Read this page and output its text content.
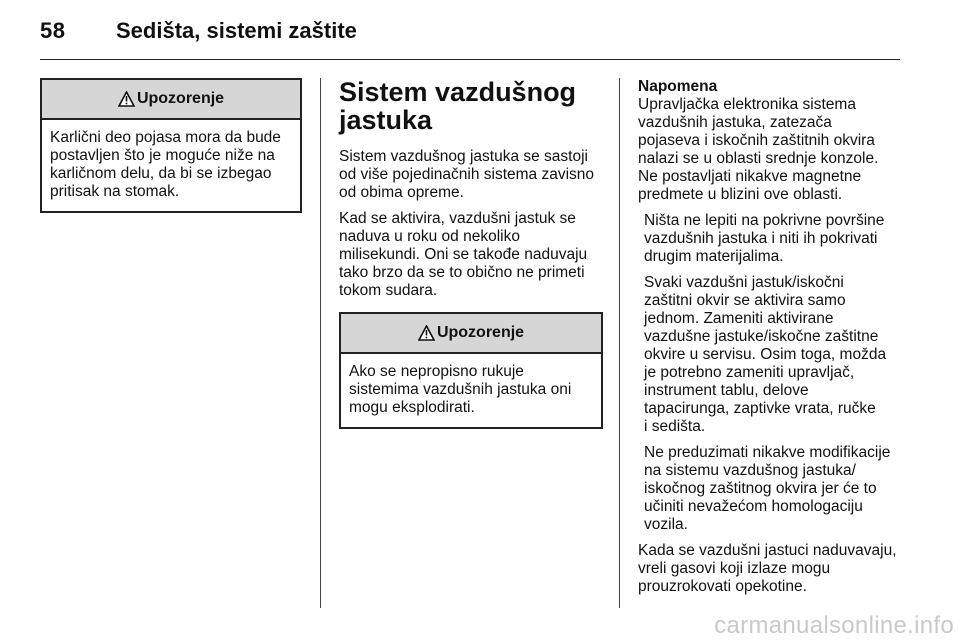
58 Sedišta, sistemi zaštite
Upozorenje
Karlični deo pojasa mora da bude
postavljen što je moguće niže na
karličnom delu, da bi se izbegao
pritisak na stomak.
Sistem vazdušnog
jastuka

Sistem vazdušnog jastuka se sastoji
od više pojedinačnih sistema zavisno
od obima opreme.

Kad se aktivira, vazdušni jastuk se
naduva u roku od nekoliko
milisekundi. Oni se takođe naduvaju
tako brzo da se to obično ne primeti
tokom sudara.

Upozorenje
Ako se nepropisno rukuje
sistemima vazdušnih jastuka oni
mogu eksplodirati.
Napomena

Upravljačka elektronika sistema
vazdušnih jastuka, zatezača
pojaseva i iskočnih zaštitnih okvira
nalazi se u oblasti srednje konzole.
Ne postavljati nikakve magnetne
predmete u blizini ove oblasti.

Ništa ne lepiti na pokrivne površine
vazdušnih jastuka i niti ih pokrivati
drugim materijalima.

Svaki vazdušni jastuk/iskočni
zaštitni okvir se aktivira samo
jednom. Zameniti aktivirane
vazdušne jastuke/iskočne zaštitne
okvire u servisu. Osim toga, možda
je potrebno zameniti upravljač,
instrument tablu, delove
tapacirunga, zaptivke vrata, ručke
i sedišta.

Ne preduzimati nikakve modifikacije
na sistemu vazdušnog jastuka/
iskočnog zaštitnog okvira jer će to
učiniti nevažećom homologaciju
vozila.

Kada se vazdušni jastuci naduvavaju,
vreli gasovi koji izlaze mogu
prouzrokovati opekotine.

carmanualsonline.info
